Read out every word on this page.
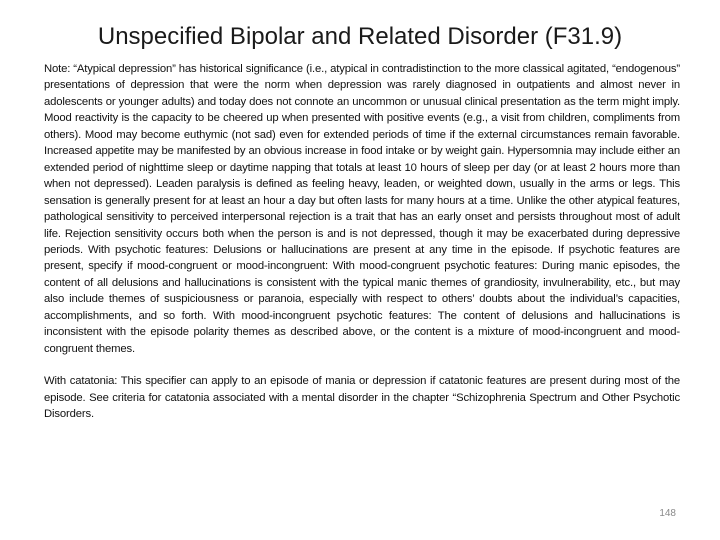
Unspecified Bipolar and Related Disorder (F31.9)

Note: “Atypical depression” has historical significance (i.e., atypical in contradistinction to the more classical agitated, “endogenous” presentations of depression that were the norm when depression was rarely diagnosed in outpatients and almost never in adolescents or younger adults) and today does not connote an uncommon or unusual clinical presentation as the term might imply. Mood reactivity is the capacity to be cheered up when presented with positive events (e.g., a visit from children, compliments from others). Mood may become euthymic (not sad) even for extended periods of time if the external circumstances remain favorable. Increased appetite may be manifested by an obvious increase in food intake or by weight gain. Hypersomnia may include either an extended period of nighttime sleep or daytime napping that totals at least 10 hours of sleep per day (or at least 2 hours more than when not depressed). Leaden paralysis is defined as feeling heavy, leaden, or weighted down, usually in the arms or legs. This sensation is generally present for at least an hour a day but often lasts for many hours at a time. Unlike the other atypical features, pathological sensitivity to perceived interpersonal rejection is a trait that has an early onset and persists throughout most of adult life. Rejection sensitivity occurs both when the person is and is not depressed, though it may be exacerbated during depressive periods. With psychotic features: Delusions or hallucinations are present at any time in the episode. If psychotic features are present, specify if mood-congruent or mood-incongruent: With mood-congruent psychotic features: During manic episodes, the content of all delusions and hallucinations is consistent with the typical manic themes of grandiosity, invulnerability, etc., but may also include themes of suspiciousness or paranoia, especially with respect to others’ doubts about the individual’s capacities, accomplishments, and so forth. With mood-incongruent psychotic features: The content of delusions and hallucinations is inconsistent with the episode polarity themes as described above, or the content is a mixture of mood-incongruent and mood-congruent themes.

With catatonia: This specifier can apply to an episode of mania or depression if catatonic features are present during most of the episode. See criteria for catatonia associated with a mental disorder in the chapter “Schizophrenia Spectrum and Other Psychotic Disorders.

148
